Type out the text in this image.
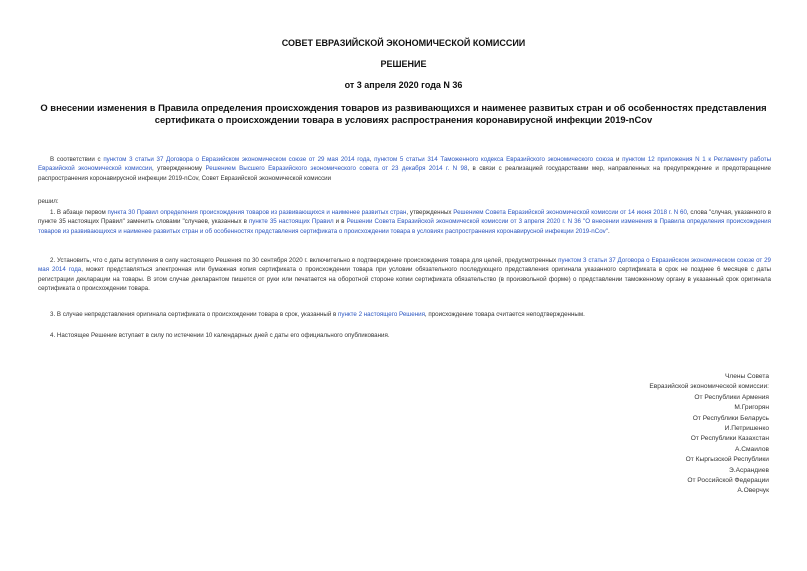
СОВЕТ ЕВРАЗИЙСКОЙ ЭКОНОМИЧЕСКОЙ КОМИССИИ
РЕШЕНИЕ
от 3 апреля 2020 года N 36
О внесении изменения в Правила определения происхождения товаров из развивающихся и наименее развитых стран и об особенностях представления
сертификата о происхождении товара в условиях распространения коронавирусной инфекции 2019-nCov
В соответствии с пунктом 3 статьи 37 Договора о Евразийском экономическом союзе от 29 мая 2014 года, пунктом 5 статьи 314 Таможенного кодекса Евразийского экономического союза и пунктом 12 приложения N 1 к Регламенту работы Евразийской экономической комиссии, утвержденному Решением Высшего Евразийского экономического совета от 23 декабря 2014 г. N 98, в связи с реализацией государствами мер, направленных на предупреждение и предотвращение распространения коронавирусной инфекции 2019-nCov, Совет Евразийской экономической комиссии
решил:
1. В абзаце первом пункта 30 Правил определения происхождения товаров из развивающихся и наименее развитых стран, утвержденных Решением Совета Евразийской экономической комиссии от 14 июня 2018 г. N 60, слова "случая, указанного в пункте 35 настоящих Правил" заменить словами "случаев, указанных в пункте 35 настоящих Правил и в Решении Совета Евразийской экономической комиссии от 3 апреля 2020 г. N 36 "О внесении изменения в Правила определения происхождения товаров из развивающихся и наименее развитых стран и об особенностях представления сертификата о происхождении товара в условиях распространения коронавирусной инфекции 2019-nCov".
2. Установить, что с даты вступления в силу настоящего Решения по 30 сентября 2020 г. включительно в подтверждение происхождения товара для целей, предусмотренных пунктом 3 статьи 37 Договора о Евразийском экономическом союзе от 29 мая 2014 года, может представляться электронная или бумажная копия сертификата о происхождении товара при условии обязательного последующего представления оригинала указанного сертификата в срок не позднее 6 месяцев с даты регистрации декларации на товары. В этом случае декларантом пишется от руки или печатается на оборотной стороне копии сертификата обязательство (в произвольной форме) о представлении таможенному органу в указанный срок оригинала сертификата о происхождении товара.
3. В случае непредставления оригинала сертификата о происхождении товара в срок, указанный в пункте 2 настоящего Решения, происхождение товара считается неподтвержденным.
4. Настоящее Решение вступает в силу по истечении 10 календарных дней с даты его официального опубликования.
Члены Совета
Евразийской экономической комиссии:
От Республики Армения
М.Григорян
От Республики Беларусь
И.Петришенко
От Республики Казахстан
А.Смаилов
От Кыргызской Республики
Э.Асрандиев
От Российской Федерации
А.Оверчук
